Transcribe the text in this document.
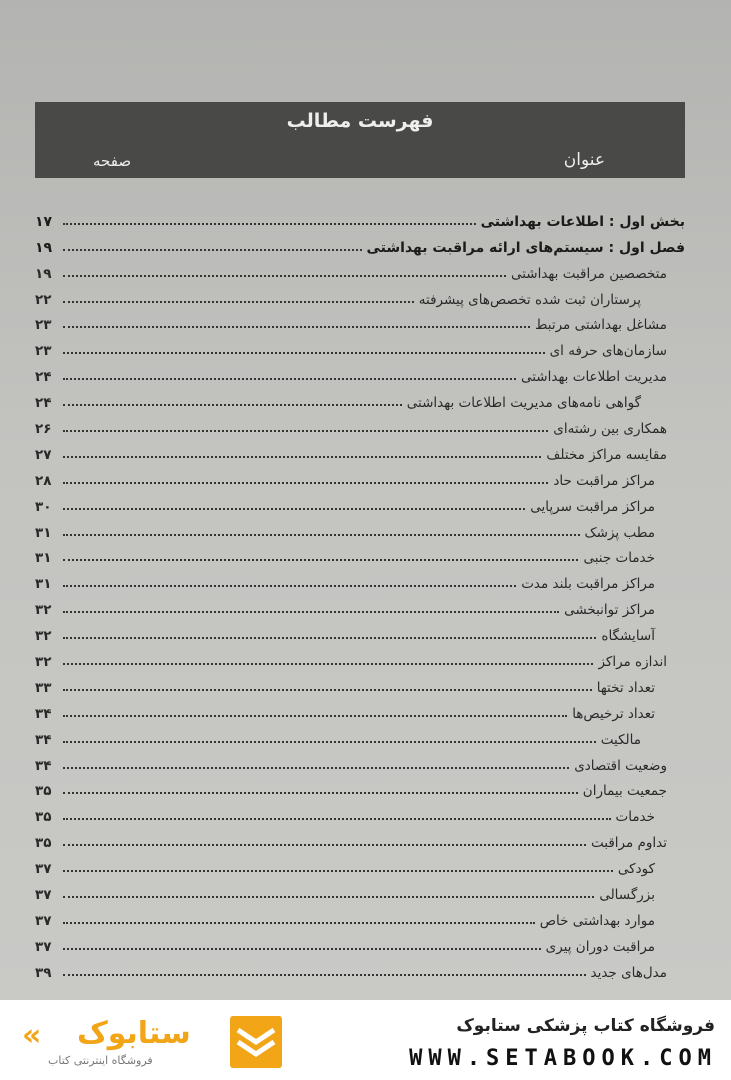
فهرست مطالب
عنوان
صفحه
بخش اول : اطلاعات بهداشتی
۱۷
فصل اول : سیستم‌های ارائه مراقبت بهداشتی
۱۹
متخصصین مراقبت بهداشتی
۱۹
پرستاران ثبت شده تخصص‌های پیشرفته
۲۲
مشاغل بهداشتی مرتبط
۲۳
سازمان‌های حرفه ای
۲۳
مدیریت اطلاعات بهداشتی
۲۴
گواهی نامه‌های مدیریت اطلاعات بهداشتی
۲۴
همکاری بین رشته‌ای
۲۶
مقایسه مراکز مختلف
۲۷
مراکز مراقبت حاد
۲۸
مراکز مراقبت سرپایی
۳۰
مطب پزشک
۳۱
خدمات جنبی
۳۱
مراکز مراقبت بلند مدت
۳۱
مراکز توانبخشی
۳۲
آسایشگاه
۳۲
اندازه مراکز
۳۲
تعداد تختها
۳۳
تعداد ترخیص‌ها
۳۴
مالکیت
۳۴
وضعیت اقتصادی
۳۴
جمعیت بیماران
۳۵
خدمات
۳۵
تداوم مراقبت
۳۵
کودکی
۳۷
بزرگسالی
۳۷
موارد بهداشتی خاص
۳۷
مراقبت دوران پیری
۳۷
مدل‌های جدید
۳۹
« ستابوک
فروشگاه اینترنتی کتاب
فروشگاه کتاب پزشکی ستابوک
WWW.SETABOOK.COM
